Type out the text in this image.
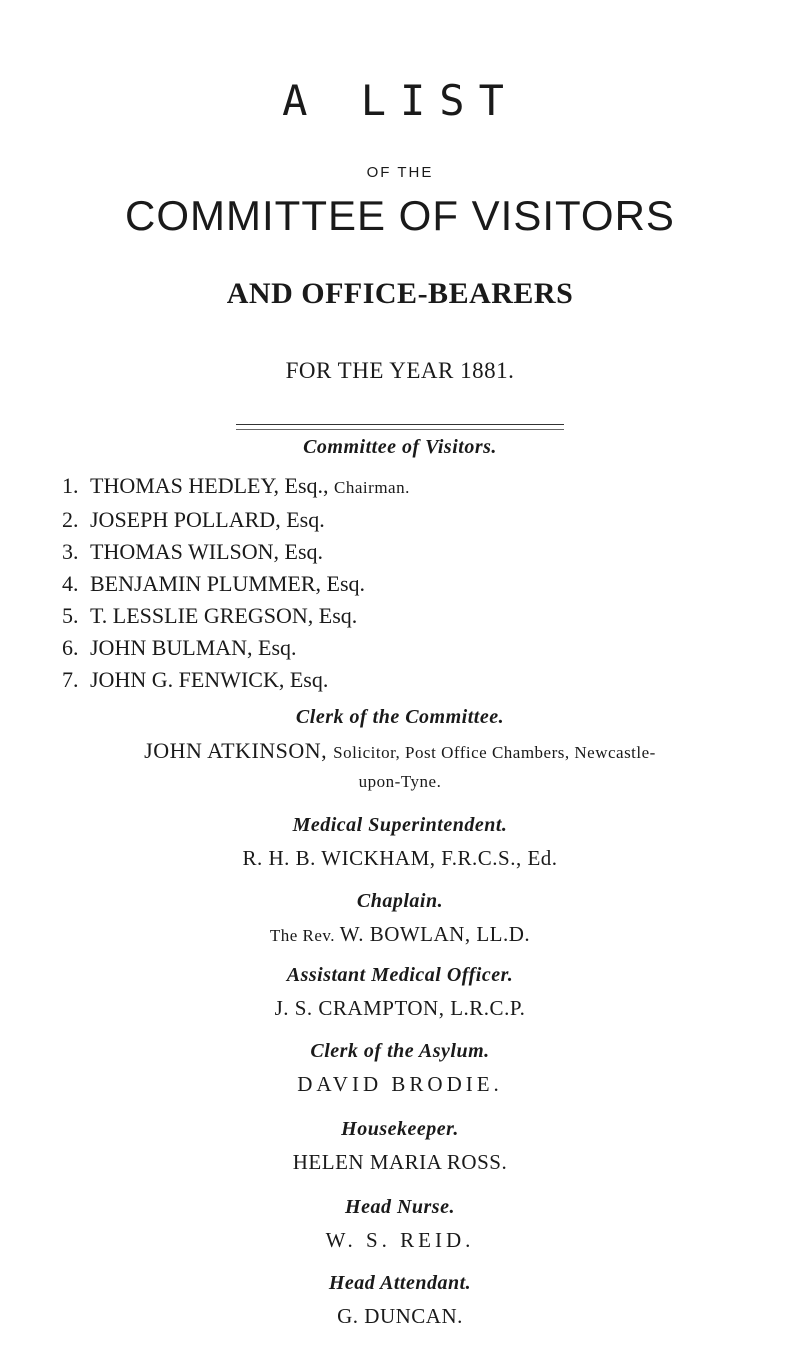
A LIST
OF THE
COMMITTEE OF VISITORS
AND OFFICE-BEARERS
FOR THE YEAR 1881.
Committee of Visitors.
1. THOMAS HEDLEY, Esq., Chairman.
2. JOSEPH POLLARD, Esq.
3. THOMAS WILSON, Esq.
4. BENJAMIN PLUMMER, Esq.
5. T. LESSLIE GREGSON, Esq.
6. JOHN BULMAN, Esq.
7. JOHN G. FENWICK, Esq.
Clerk of the Committee.
JOHN ATKINSON, Solicitor, Post Office Chambers, Newcastle-
upon-Tyne.
Medical Superintendent.
R. H. B. WICKHAM, F.R.C.S., Ed.
Chaplain.
The Rev. W. BOWLAN, LL.D.
Assistant Medical Officer.
J. S. CRAMPTON, L.R.C.P.
Clerk of the Asylum.
DAVID BRODIE.
Housekeeper.
HELEN MARIA ROSS.
Head Nurse.
W. S. REID.
Head Attendant.
G. DUNCAN.
